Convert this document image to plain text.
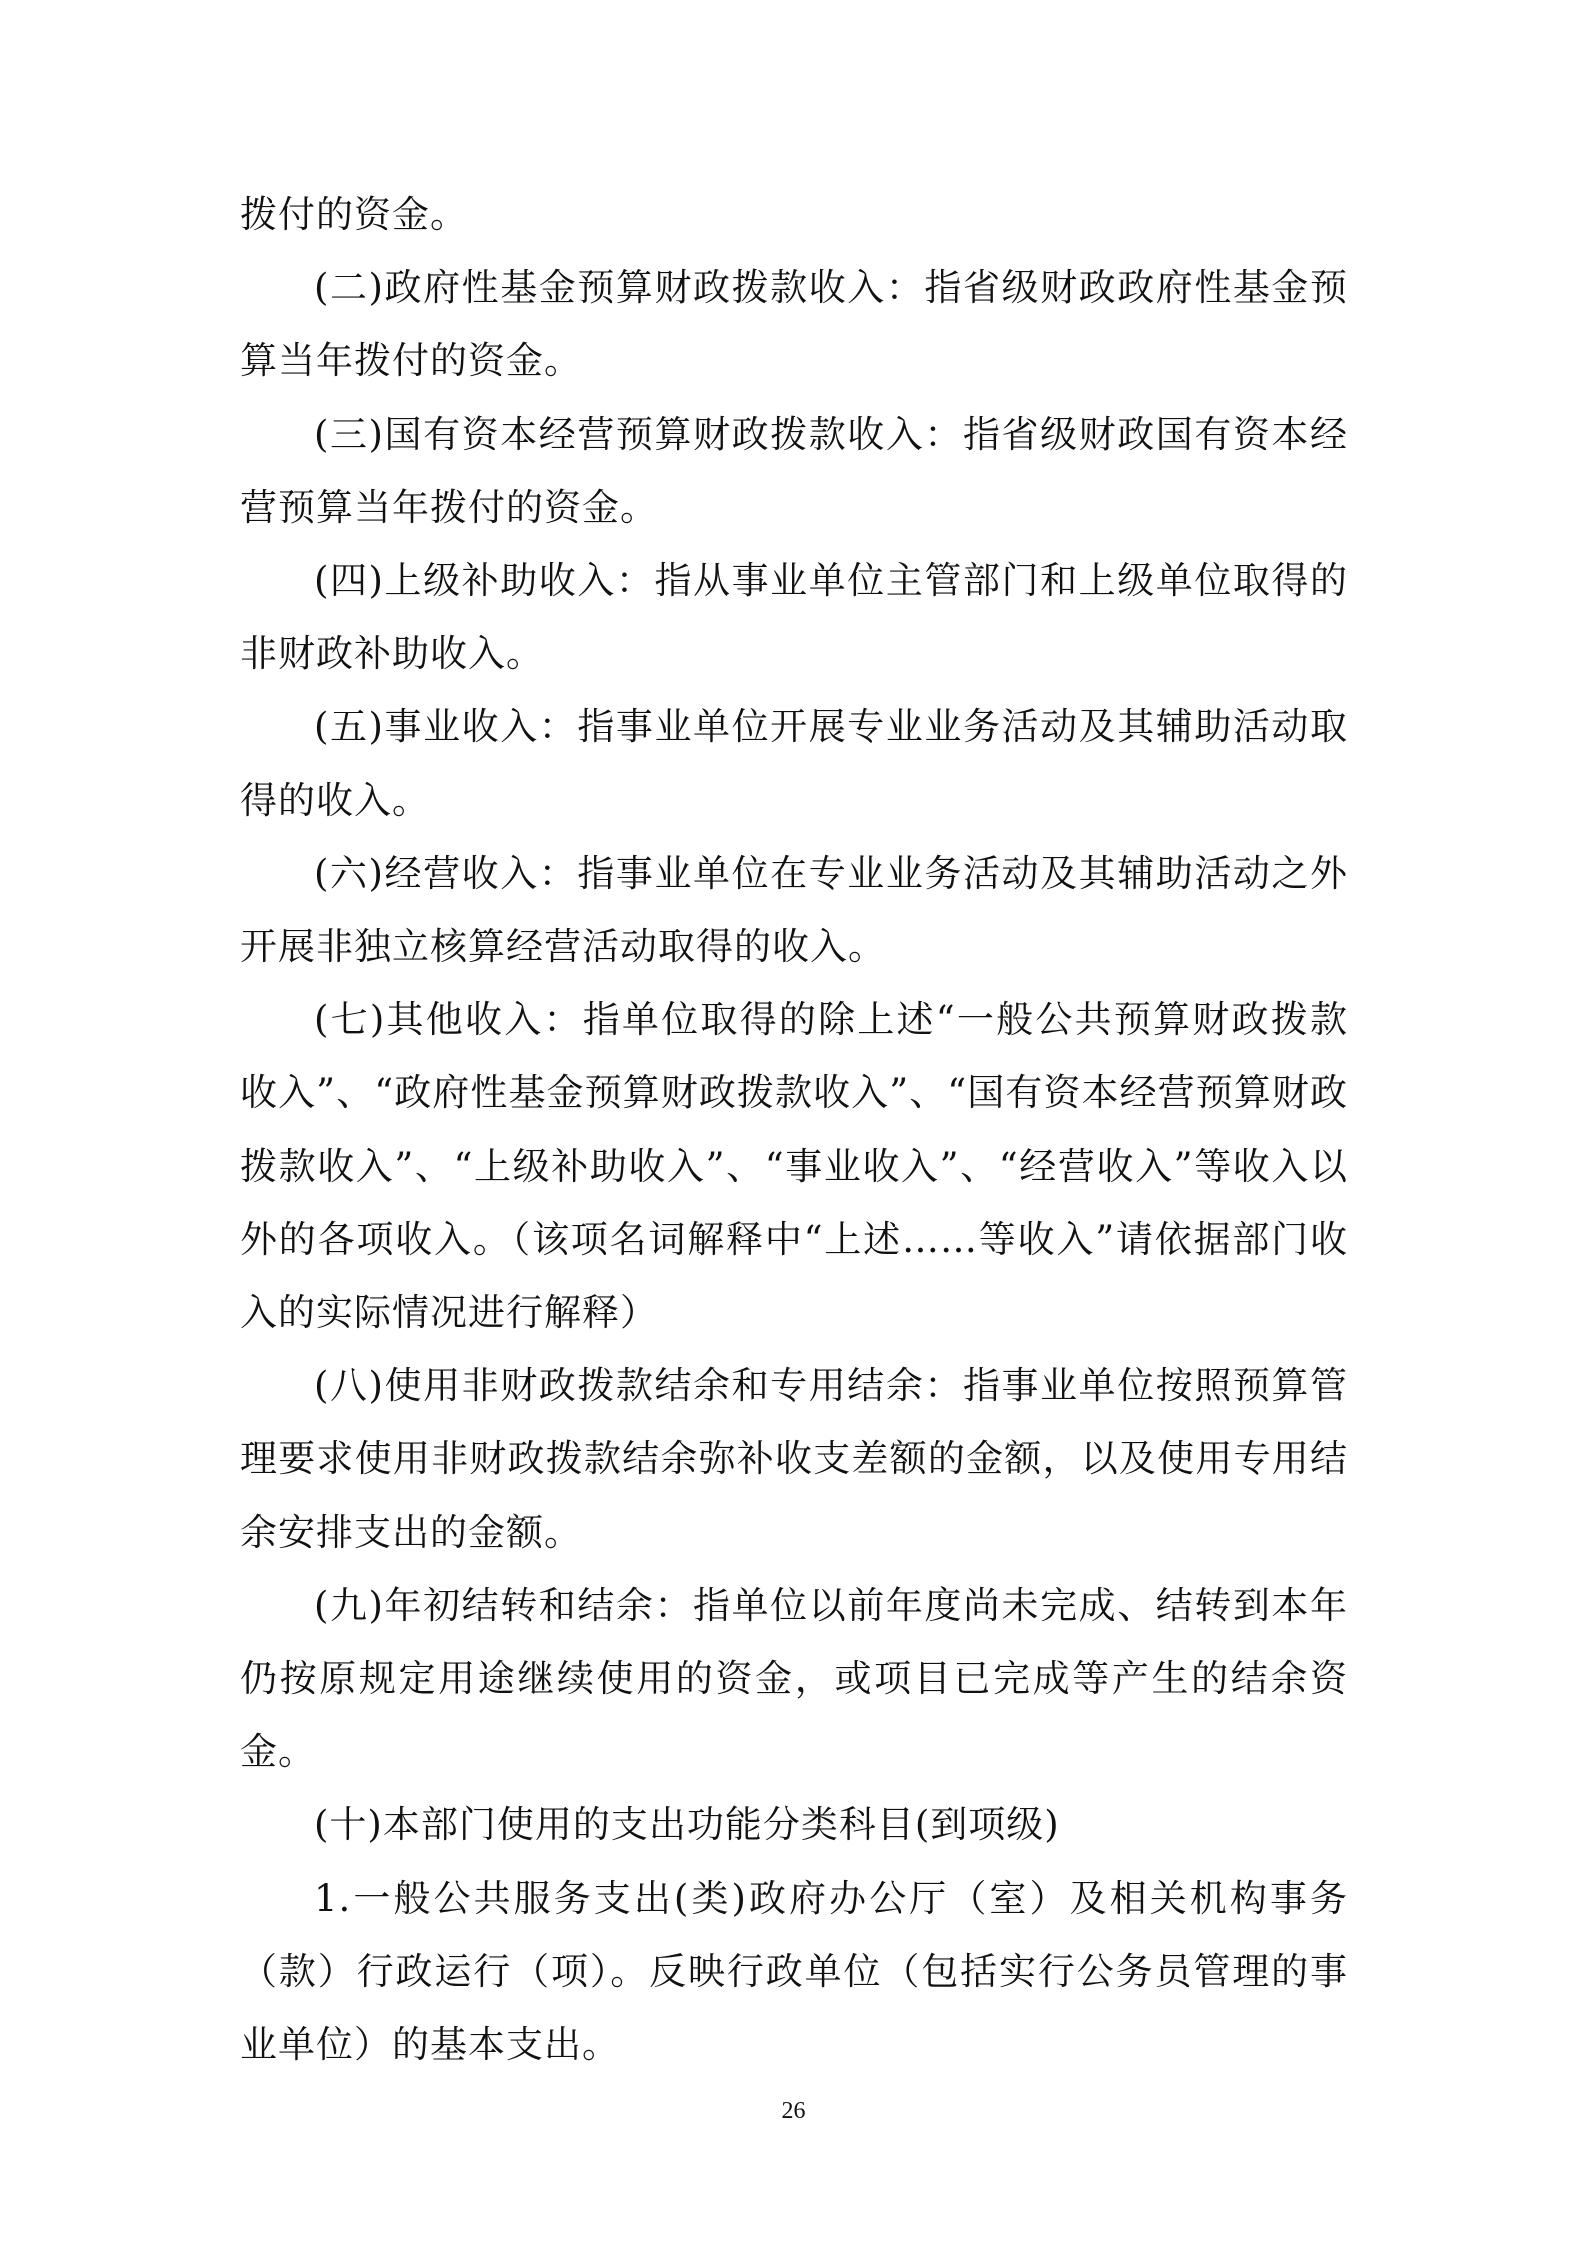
拨付的资金。

(二)政府性基金预算财政拨款收入：指省级财政政府性基金预算当年拨付的资金。

(三)国有资本经营预算财政拨款收入：指省级财政国有资本经营预算当年拨付的资金。

(四)上级补助收入：指从事业单位主管部门和上级单位取得的非财政补助收入。

(五)事业收入：指事业单位开展专业业务活动及其辅助活动取得的收入。

(六)经营收入：指事业单位在专业业务活动及其辅助活动之外开展非独立核算经营活动取得的收入。

(七)其他收入：指单位取得的除上述“一般公共预算财政拨款收入”、“政府性基金预算财政拨款收入”、“国有资本经营预算财政拨款收入”、“上级补助收入”、“事业收入”、“经营收入”等收入以外的各项收入。（该项名词解释中“上述……等收入”请依据部门收入的实际情况进行解释）

(八)使用非财政拨款结余和专用结余：指事业单位按照预算管理要求使用非财政拨款结余弥补收支差额的金额，以及使用专用结余安排支出的金额。

(九)年初结转和结余：指单位以前年度尚未完成、结转到本年仍按原规定用途继续使用的资金，或项目已完成等产生的结余资金。

(十)本部门使用的支出功能分类科目(到项级)

1.一般公共服务支出(类)政府办公厅（室）及相关机构事务（款）行政运行（项）。反映行政单位（包括实行公务员管理的事业单位）的基本支出。

26
